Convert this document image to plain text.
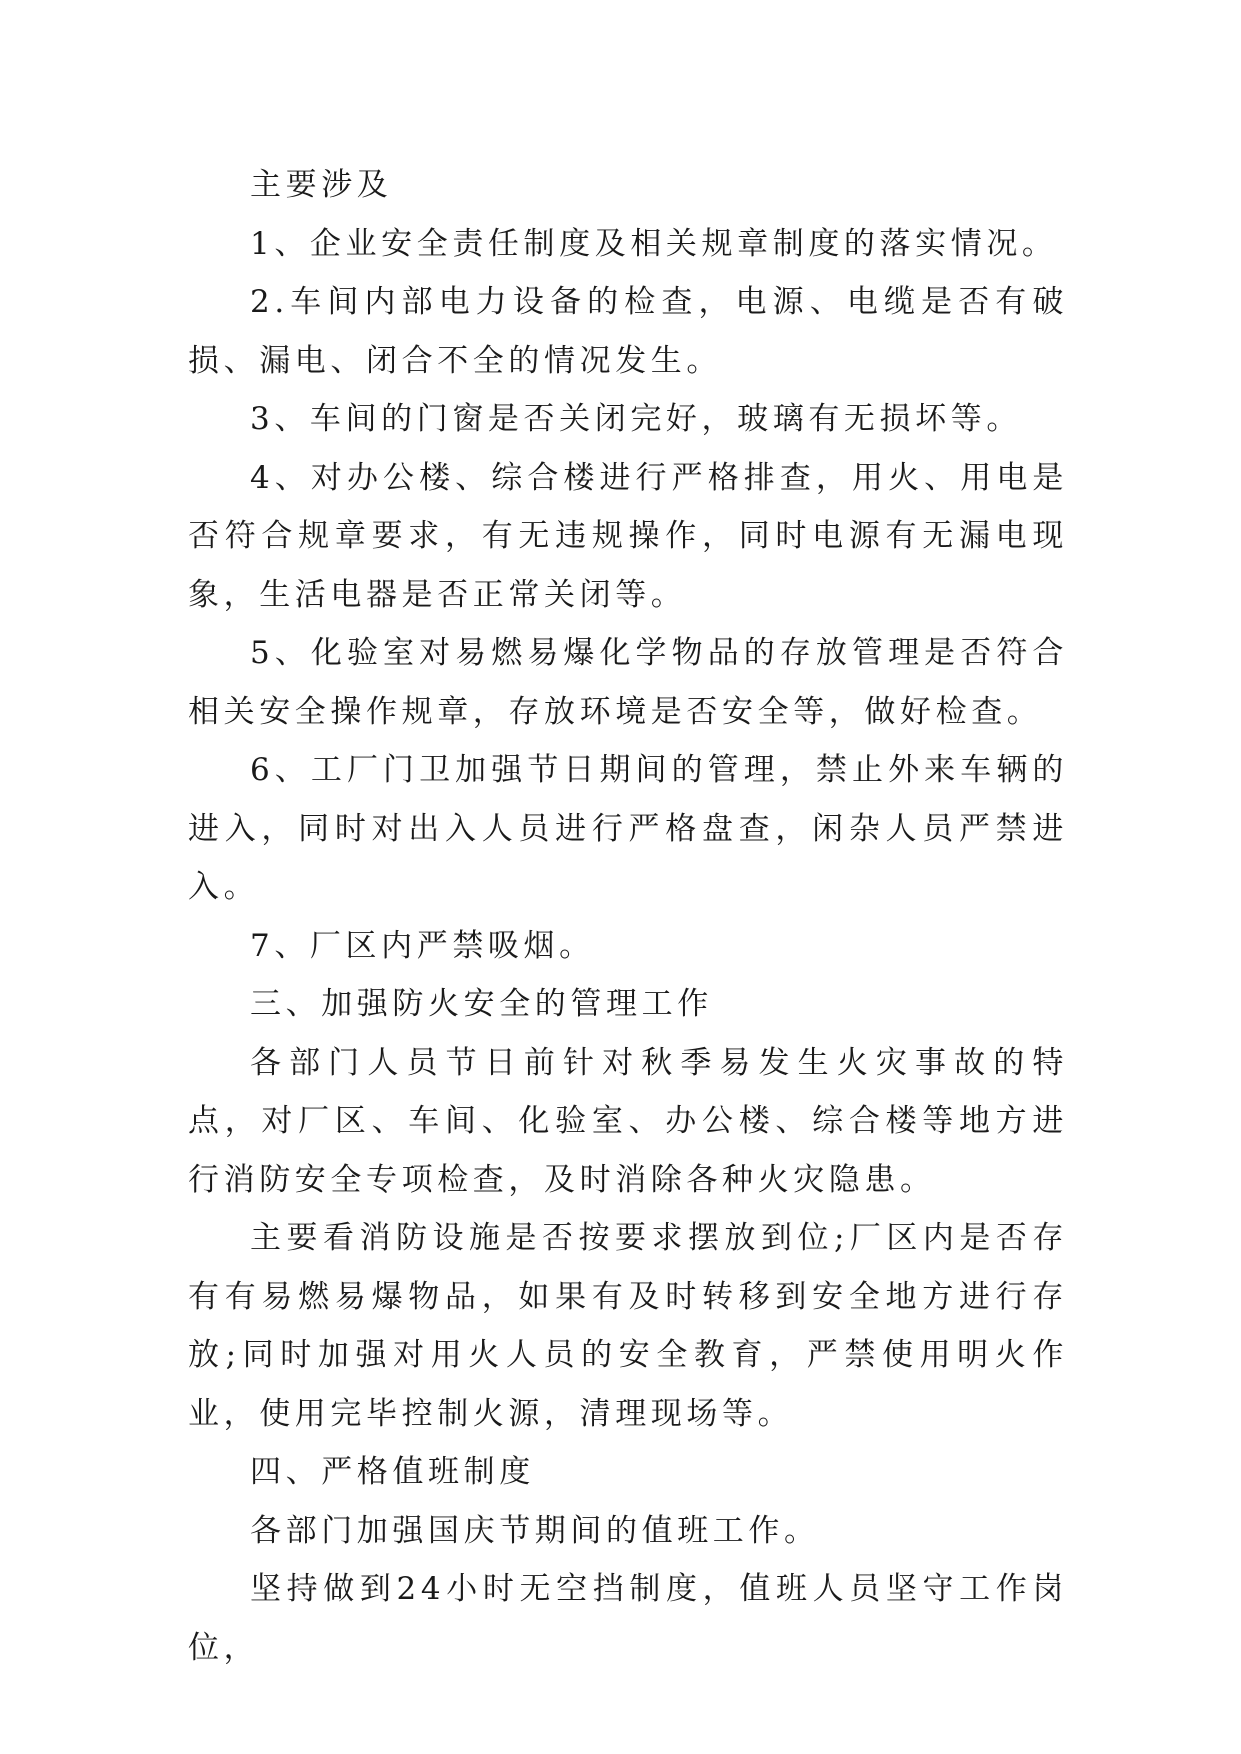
主要涉及

1、企业安全责任制度及相关规章制度的落实情况。

2.车间内部电力设备的检查，电源、电缆是否有破损、漏电、闭合不全的情况发生。

3、车间的门窗是否关闭完好，玻璃有无损坏等。

4、对办公楼、综合楼进行严格排查，用火、用电是否符合规章要求，有无违规操作，同时电源有无漏电现象，生活电器是否正常关闭等。

5、化验室对易燃易爆化学物品的存放管理是否符合相关安全操作规章，存放环境是否安全等，做好检查。

6、工厂门卫加强节日期间的管理，禁止外来车辆的进入，同时对出入人员进行严格盘查，闲杂人员严禁进入。

7、厂区内严禁吸烟。

三、加强防火安全的管理工作

各部门人员节日前针对秋季易发生火灾事故的特点，对厂区、车间、化验室、办公楼、综合楼等地方进行消防安全专项检查，及时消除各种火灾隐患。

主要看消防设施是否按要求摆放到位;厂区内是否存有有易燃易爆物品，如果有及时转移到安全地方进行存放;同时加强对用火人员的安全教育，严禁使用明火作业，使用完毕控制火源，清理现场等。

四、严格值班制度

各部门加强国庆节期间的值班工作。

坚持做到24小时无空挡制度，值班人员坚守工作岗位，
